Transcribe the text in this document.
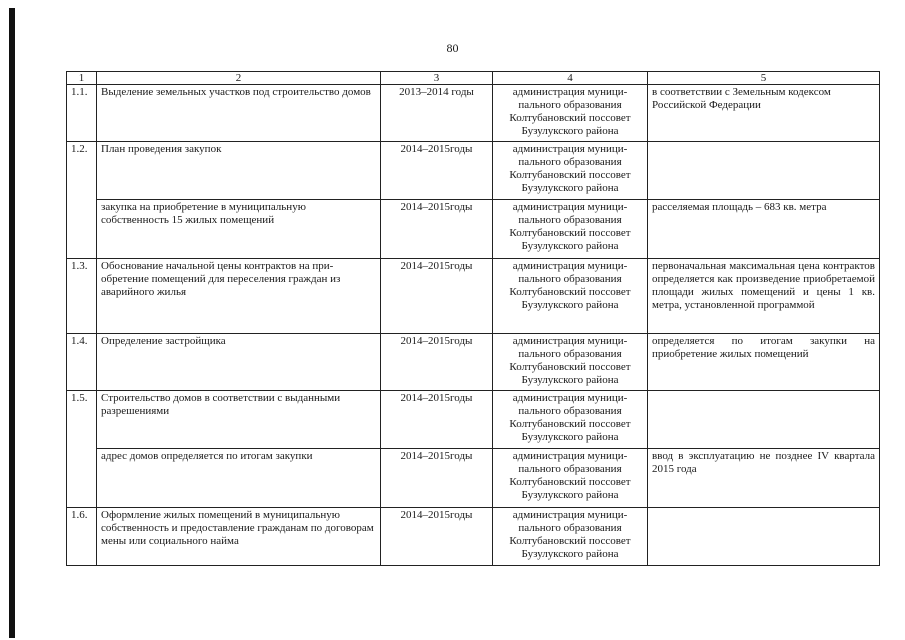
80
1	2	3	4	5
1.1.	Выделение земельных участков под строительство домов	2013–2014 годы	администрация муници-
пального образования
Колтубановский поссовет
Бузулукского района	в соответствии с Земельным кодексом Российской Федерации
1.2.	План проведения закупок	2014–2015годы	администрация муници-
пального образования
Колтубановский поссовет
Бузулукского района	

	закупка на приобретение в муниципальную собственность 15 жилых помещений	2014–2015годы	администрация муници-
пального образования
Колтубановский поссовет
Бузулукского района	расселяемая площадь – 683 кв. метра
1.3.	Обоснование начальной цены контрактов на при-обретение помещений для переселения граждан из аварийного жилья	2014–2015годы	администрация муници-
пального образования
Колтубановский поссовет
Бузулукского района	первоначальная максимальная цена контрактов определяется как произведение приобретаемой площади жилых помещений и цены 1 кв. метра, установленной программой
1.4.	Определение застройщика	2014–2015годы	администрация муници-
пального образования
Колтубановский поссовет
Бузулукского района	определяется по итогам закупки на приобретение жилых помещений
1.5.	Строительство домов в соответствии с выданными разрешениями	2014–2015годы	администрация муници-
пального образования
Колтубановский поссовет
Бузулукского района	

	адрес домов определяется по итогам закупки	2014–2015годы	администрация муници-
пального образования
Колтубановский поссовет
Бузулукского района	ввод в эксплуатацию не позднее IV квартала 2015 года
1.6.	Оформление жилых помещений в муниципальную собственность и предоставление гражданам по договорам мены или социального найма	2014–2015годы	администрация муници-
пального образования
Колтубановский поссовет
Бузулукского района	
